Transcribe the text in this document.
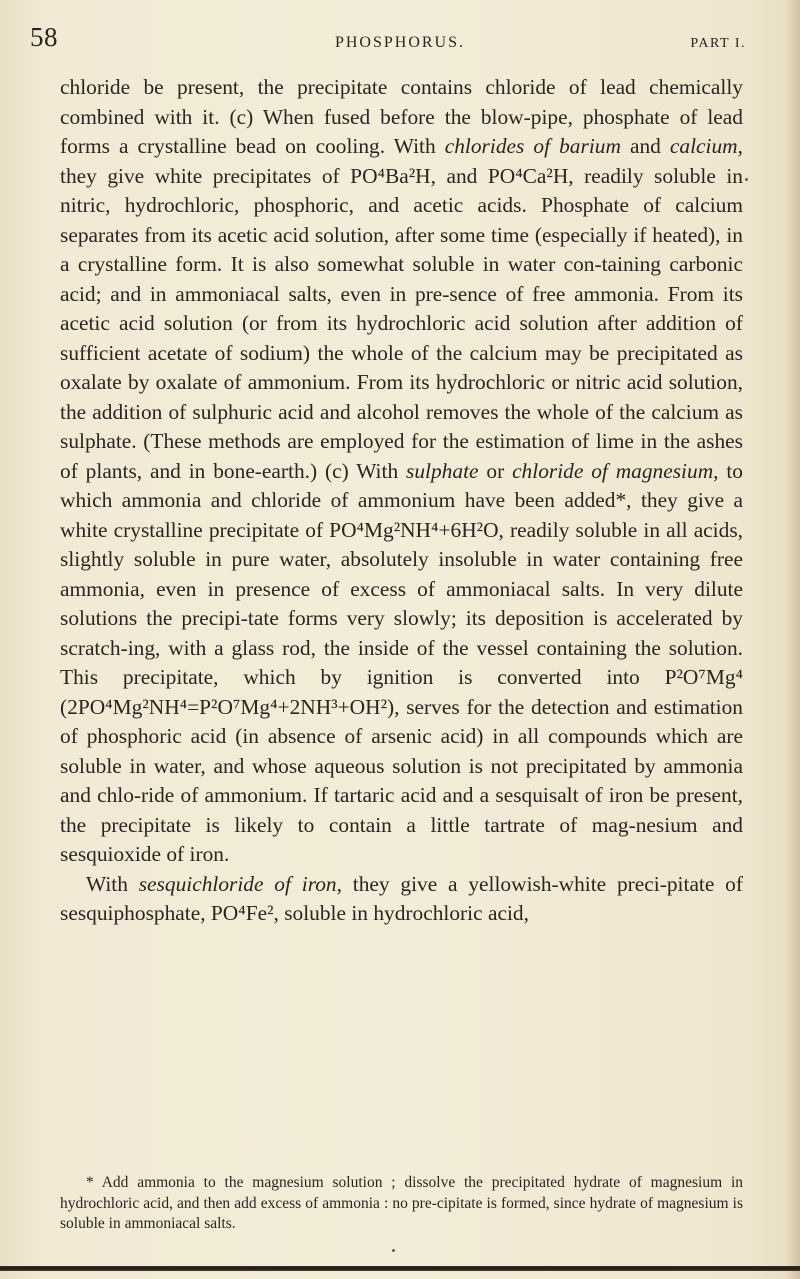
58	PHOSPHORUS.	PART I.

chloride be present, the precipitate contains chloride of lead chemically combined with it. (c) When fused before the blow-pipe, phosphate of lead forms a crystalline bead on cooling. With chlorides of barium and calcium, they give white precipitates of PO⁴Ba²H, and PO⁴Ca²H, readily soluble in nitric, hydrochloric, phosphoric, and acetic acids. Phosphate of calcium separates from its acetic acid solution, after some time (especially if heated), in a crystalline form. It is also somewhat soluble in water con-taining carbonic acid; and in ammoniacal salts, even in pre-sence of free ammonia. From its acetic acid solution (or from its hydrochloric acid solution after addition of sufficient acetate of sodium) the whole of the calcium may be precipitated as oxalate by oxalate of ammonium. From its hydrochloric or nitric acid solution, the addition of sulphuric acid and alcohol removes the whole of the calcium as sulphate. (These methods are employed for the estimation of lime in the ashes of plants, and in bone-earth.) (c) With sulphate or chloride of magnesium, to which ammonia and chloride of ammonium have been added*, they give a white crystalline precipitate of PO⁴Mg²NH⁴+6H²O, readily soluble in all acids, slightly soluble in pure water, absolutely insoluble in water containing free ammonia, even in presence of excess of ammoniacal salts. In very dilute solutions the precipi-tate forms very slowly; its deposition is accelerated by scratch-ing, with a glass rod, the inside of the vessel containing the solution. This precipitate, which by ignition is converted into P²O⁷Mg⁴ (2PO⁴Mg²NH⁴=P²O⁷Mg⁴+2NH³+OH²), serves for the detection and estimation of phosphoric acid (in absence of arsenic acid) in all compounds which are soluble in water, and whose aqueous solution is not precipitated by ammonia and chlo-ride of ammonium. If tartaric acid and a sesquisalt of iron be present, the precipitate is likely to contain a little tartrate of mag-nesium and sesquioxide of iron.

With sesquichloride of iron, they give a yellowish-white preci-pitate of sesquiphosphate, PO⁴Fe², soluble in hydrochloric acid,

* Add ammonia to the magnesium solution ; dissolve the precipitated hydrate of magnesium in hydrochloric acid, and then add excess of ammonia : no pre-cipitate is formed, since hydrate of magnesium is soluble in ammoniacal salts.
